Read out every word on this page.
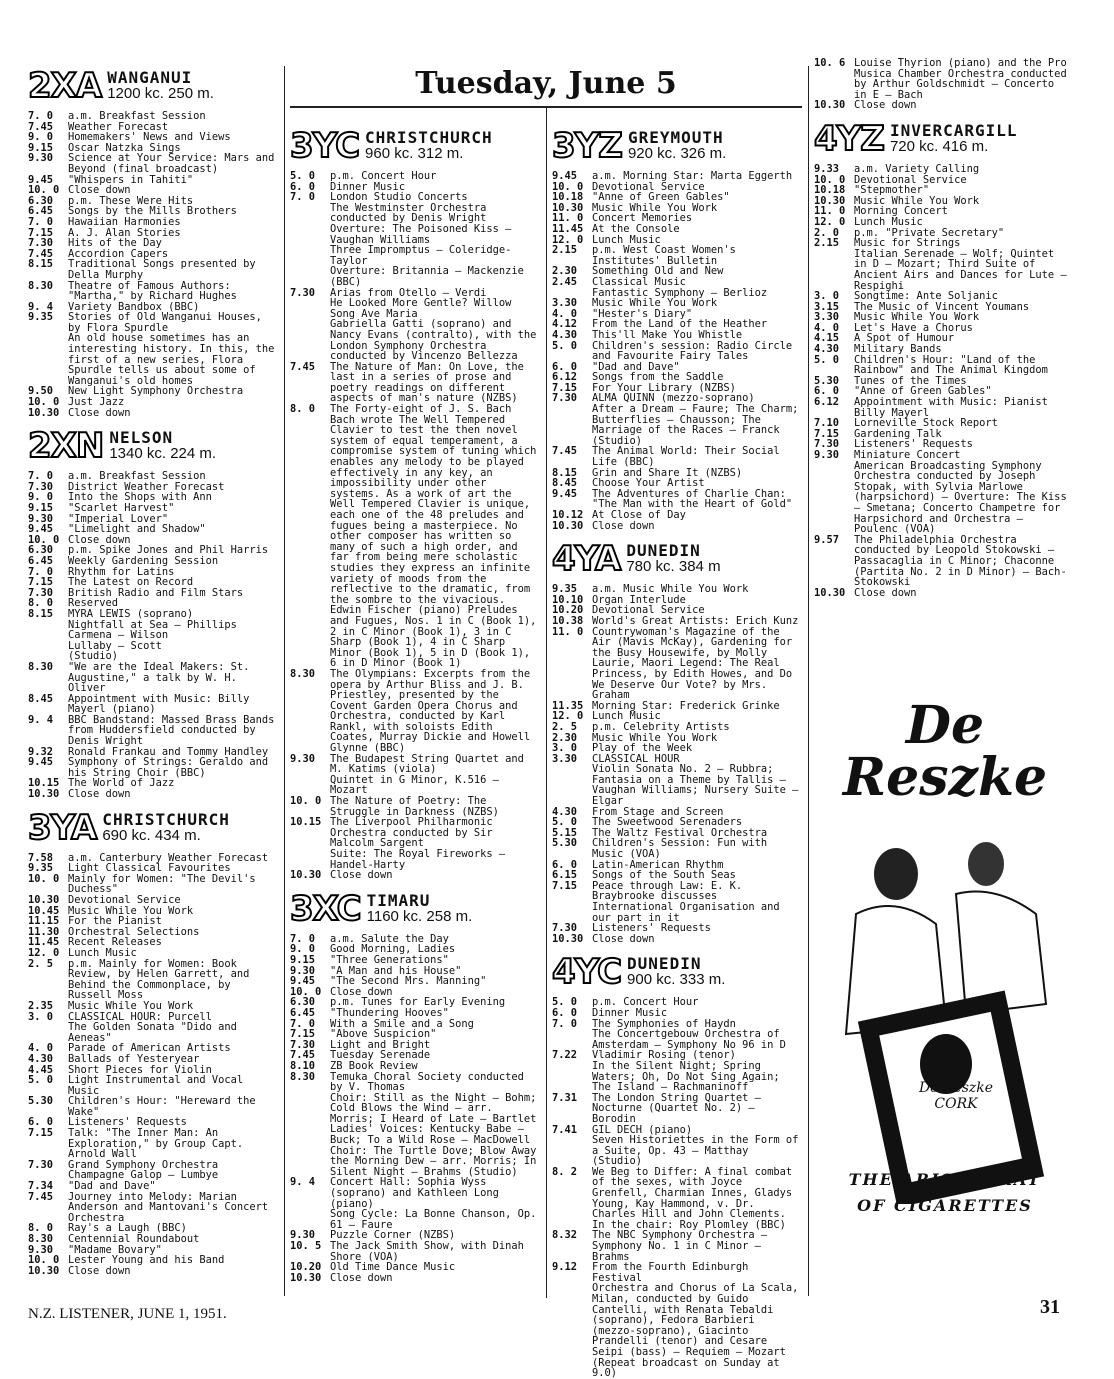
Tuesday, June 5
2XA WANGANUI
1200 kc. 250 m.
7. 0	a.m. Breakfast Session
7.45	Weather Forecast
9. 0	Homemakers' News and Views
9.15	Oscar Natzka Sings
9.30	Science at Your Service: Mars and Beyond (final broadcast)
9.45	"Whispers in Tahiti"
10. 0 Close down
6.30	p.m. These Were Hits
6.45	Songs by the Mills Brothers
7. 0	Hawaiian Harmonies
7.15	A. J. Alan Stories
7.30	Hits of the Day
7.45	Accordion Capers
8.15	Traditional Songs presented by Della Murphy
8.30	Theatre of Famous Authors: "Martha," by Richard Hughes
9. 4	Variety Bandbox (BBC)
9.35	Stories of Old Wanganui Houses, by Flora Spurdle
An old house sometimes has an interesting history. In this, the first of a new series, Flora Spurdle tells us about some of Wanganui's old homes
9.50	New Light Symphony Orchestra
10. 0 Just Jazz
10.30 Close down
2XN NELSON
1340 kc. 224 m.
7. 0	a.m. Breakfast Session
7.30	District Weather Forecast
9. 0	Into the Shops with Ann
9.15	"Scarlet Harvest"
9.30	"Imperial Lover"
9.45	"Limelight and Shadow"
10. 0 Close down
6.30	p.m. Spike Jones and Phil Harris
6.45	Weekly Gardening Session
7. 0	Rhythm for Latins
7.15	The Latest on Record
7.30	British Radio and Film Stars
8. 0	Reserved
8.15	MYRA LEWIS (soprano)
Nightfall at Sea — Phillips
Carmena — Wilson
Lullaby — Scott
(Studio)
8.30	"We are the Ideal Makers: St. Augustine," a talk by W. H. Oliver
8.45	Appointment with Music: Billy Mayerl (piano)
9. 4	BBC Bandstand: Massed Brass Bands from Huddersfield conducted by Denis Wright
9.32	Ronald Frankau and Tommy Handley
9.45	Symphony of Strings: Geraldo and his String Choir (BBC)
10.15 The World of Jazz
10.30 Close down
3YA CHRISTCHURCH
690 kc. 434 m.
7.58	a.m. Canterbury Weather Forecast
9.35	Light Classical Favourites
10. 0 Mainly for Women: "The Devil's Duchess"
10.30 Devotional Service
10.45 Music While You Work
11.15 For the Pianist
11.30 Orchestral Selections
11.45 Recent Releases
12. 0 Lunch Music
2. 5	p.m. Mainly for Women: Book Review, by Helen Garrett, and Behind the Commonplace, by Russell Moss
2.35	Music While You Work
3. 0	CLASSICAL HOUR: Purcell
The Golden Sonata "Dido and Aeneas"
4. 0	Parade of American Artists
4.30	Ballads of Yesteryear
4.45	Short Pieces for Violin
5. 0	Light Instrumental and Vocal Music
5.30	Children's Hour: "Hereward the Wake"
6. 0	Listeners' Requests
7.15	Talk: "The Inner Man: An Exploration," by Group Capt. Arnold Wall
7.30	Grand Symphony Orchestra
Champagne Galop — Lumbye
7.34	"Dad and Dave"
7.45	Journey into Melody: Marian Anderson and Mantovani's Concert Orchestra
8. 0	Ray's a Laugh (BBC)
8.30	Centennial Roundabout
9.30	"Madame Bovary"
10. 0 Lester Young and his Band
10.30 Close down
3YC CHRISTCHURCH
960 kc. 312 m.
5. 0	p.m. Concert Hour
6. 0	Dinner Music
7. 0	London Studio Concerts
The Westminster Orchestra conducted by Denis Wright
Overture: The Poisoned Kiss — Vaughan Williams
Three Impromptus — Coleridge-Taylor
Overture: Britannia — Mackenzie (BBC)
7.30	Arias from Otello — Verdi
He Looked More Gentle? Willow Song Ave Maria
Gabriella Gatti (soprano) and Nancy Evans (contralto), with the London Symphony Orchestra conducted by Vincenzo Bellezza
7.45	The Nature of Man: On Love, the last in a series of prose and poetry readings on different aspects of man's nature (NZBS)
8. 0	The Forty-eight of J. S. Bach
Bach wrote The Well Tempered Clavier to test the then novel system of equal temperament, a compromise system of tuning which enables any melody to be played effectively in any key, an impossibility under other systems. As a work of art the Well Tempered Clavier is unique, each one of the 48 preludes and fugues being a masterpiece. No other composer has written so many of such a high order, and far from being mere scholastic studies they express an infinite variety of moods from the reflective to the dramatic, from the sombre to the vivacious.
Edwin Fischer (piano) Preludes and Fugues, Nos. 1 in C (Book 1), 2 in C Minor (Book 1), 3 in C Sharp (Book 1), 4 in C Sharp Minor (Book 1), 5 in D (Book 1), 6 in D Minor (Book 1)
8.30	The Olympians: Excerpts from the opera by Arthur Bliss and J. B. Priestley, presented by the Covent Garden Opera Chorus and Orchestra, conducted by Karl Rankl, with soloists Edith Coates, Murray Dickie and Howell Glynne (BBC)
9.30	The Budapest String Quartet and M. Katims (viola)
Quintet in G Minor, K.516 — Mozart
10. 0 The Nature of Poetry: The Struggle in Darkness (NZBS)
10.15 The Liverpool Philharmonic Orchestra conducted by Sir Malcolm Sargent
Suite: The Royal Fireworks — Handel-Harty
10.30 Close down
3XC TIMARU
1160 kc. 258 m.
7. 0	a.m. Salute the Day
9. 0	Good Morning, Ladies
9.15	"Three Generations"
9.30	"A Man and his House"
9.45	"The Second Mrs. Manning"
10. 0 Close down
6.30	p.m. Tunes for Early Evening
6.45	"Thundering Hooves"
7. 0	With a Smile and a Song
7.15	"Above Suspicion"
7.30	Light and Bright
7.45	Tuesday Serenade
8.10	ZB Book Review
8.30	Temuka Choral Society conducted by V. Thomas
Choir: Still as the Night — Bohm; Cold Blows the Wind — arr. Morris; I Heard of Late — Bartlet
Ladies' Voices: Kentucky Babe — Buck; To a Wild Rose — MacDowell
Choir: The Turtle Dove; Blow Away the Morning Dew — arr. Morris; In Silent Night — Brahms (Studio)
9. 4	Concert Hall: Sophia Wyss (soprano) and Kathleen Long (piano)
Song Cycle: La Bonne Chanson, Op. 61 — Faure
9.30	Puzzle Corner (NZBS)
10. 5 The Jack Smith Show, with Dinah Shore (VOA)
10.20 Old Time Dance Music
10.30 Close down
3YZ GREYMOUTH
920 kc. 326 m.
9.45	a.m. Morning Star: Marta Eggerth
10. 0 Devotional Service
10.18 "Anne of Green Gables"
10.30 Music While You Work
11. 0 Concert Memories
11.45 At the Console
12. 0 Lunch Music
2.15	p.m. West Coast Women's Institutes' Bulletin
2.30	Something Old and New
2.45	Classical Music
Fantastic Symphony — Berlioz
3.30	Music While You Work
4. 0	"Hester's Diary"
4.12	From the Land of the Heather
4.30	This'll Make You Whistle
5. 0	Children's session: Radio Circle and Favourite Fairy Tales
6. 0	"Dad and Dave"
6.12	Songs from the Saddle
7.15	For Your Library (NZBS)
7.30	ALMA QUINN (mezzo-soprano)
After a Dream — Faure; The Charm; Butterflies — Chausson; The Marriage of the Races — Franck (Studio)
7.45	The Animal World: Their Social Life (BBC)
8.15	Grin and Share It (NZBS)
8.45	Choose Your Artist
9.45	The Adventures of Charlie Chan: "The Man with the Heart of Gold"
10.12 At Close of Day
10.30 Close down
4YA DUNEDIN
780 kc. 384 m
9.35	a.m. Music While You Work
10.10 Organ Interlude
10.20 Devotional Service
10.38 World's Great Artists: Erich Kunz
11. 0 Countrywoman's Magazine of the Air (Mavis McKay), Gardening for the Busy Housewife, by Molly Laurie, Maori Legend: The Real Princess, by Edith Howes, and Do We Deserve Our Vote? by Mrs. Graham
11.35 Morning Star: Frederick Grinke
12. 0 Lunch Music
2. 5	p.m. Celebrity Artists
2.30	Music While You Work
3. 0	Play of the Week
3.30	CLASSICAL HOUR
Violin Sonata No. 2 — Rubbra; Fantasia on a Theme by Tallis — Vaughan Williams; Nursery Suite — Elgar
4.30	From Stage and Screen
5. 0	The Sweetwood Serenaders
5.15	The Waltz Festival Orchestra
5.30	Children's Session: Fun with Music (VOA)
6. 0	Latin-American Rhythm
6.15	Songs of the South Seas
7.15	Peace through Law: E. K. Braybrooke discusses International Organisation and our part in it
7.30	Listeners' Requests
10.30 Close down
4YC DUNEDIN
900 kc. 333 m.
5. 0	p.m. Concert Hour
6. 0	Dinner Music
7. 0	The Symphonies of Haydn
The Concertgebouw Orchestra of Amsterdam — Symphony No 96 in D
7.22	Vladimir Rosing (tenor)
In the Silent Night; Spring Waters; Oh, Do Not Sing Again; The Island — Rachmaninoff
7.31	The London String Quartet — Nocturne (Quartet No. 2) — Borodin
7.41	GIL DECH (piano)
Seven Historiettes in the Form of a Suite, Op. 43 — Matthay (Studio)
8. 2	We Beg to Differ: A final combat of the sexes, with Joyce Grenfell, Charmian Innes, Gladys Young, Kay Hammond, v. Dr. Charles Hill and John Clements. In the chair: Roy Plomley (BBC)
8.32	The NBC Symphony Orchestra — Symphony No. 1 in C Minor — Brahms
9.12	From the Fourth Edinburgh Festival
Orchestra and Chorus of La Scala, Milan, conducted by Guido Cantelli, with Renata Tebaldi (soprano), Fedora Barbieri (mezzo-soprano), Giacinto Prandelli (tenor) and Cesare Seipi (bass) — Requiem — Mozart
(Repeat broadcast on Sunday at 9.0)
10. 6 Louise Thyrion (piano) and the Pro Musica Chamber Orchestra conducted by Arthur Goldschmidt — Concerto in E — Bach
10.30 Close down
4YZ INVERCARGILL
720 kc. 416 m.
9.33	a.m. Variety Calling
10. 0 Devotional Service
10.18 "Stepmother"
10.30 Music While You Work
11. 0 Morning Concert
12. 0 Lunch Music
2. 0	p.m. "Private Secretary"
2.15	Music for Strings
Italian Serenade — Wolf; Quintet in D — Mozart; Third Suite of Ancient Airs and Dances for Lute — Respighi
3. 0	Songtime: Ante Soljanic
3.15	The Music of Vincent Youmans
3.30	Music While You Work
4. 0	Let's Have a Chorus
4.15	A Spot of Humour
4.30	Military Bands
5. 0	Children's Hour: "Land of the Rainbow" and The Animal Kingdom
5.30	Tunes of the Times
6. 0	"Anne of Green Gables"
6.12	Appointment with Music: Pianist Billy Mayerl
7.10	Lorneville Stock Report
7.15	Gardening Talk
7.30	Listeners' Requests
9.30	Miniature Concert
American Broadcasting Symphony Orchestra conducted by Joseph Stopak, with Sylvia Marlowe (harpsichord) — Overture: The Kiss — Smetana; Concerto Champetre for Harpsichord and Orchestra — Poulenc (VOA)
9.57	The Philadelphia Orchestra conducted by Leopold Stokowski — Passacaglia in C Minor; Chaconne (Partita No. 2 in D Minor) — Bach-Stokowski
10.30 Close down
De
Reszke
De Reszke CORK
THE ARISTOCRAT
OF CIGARETTES
N.Z. LISTENER, JUNE 1, 1951.	31
